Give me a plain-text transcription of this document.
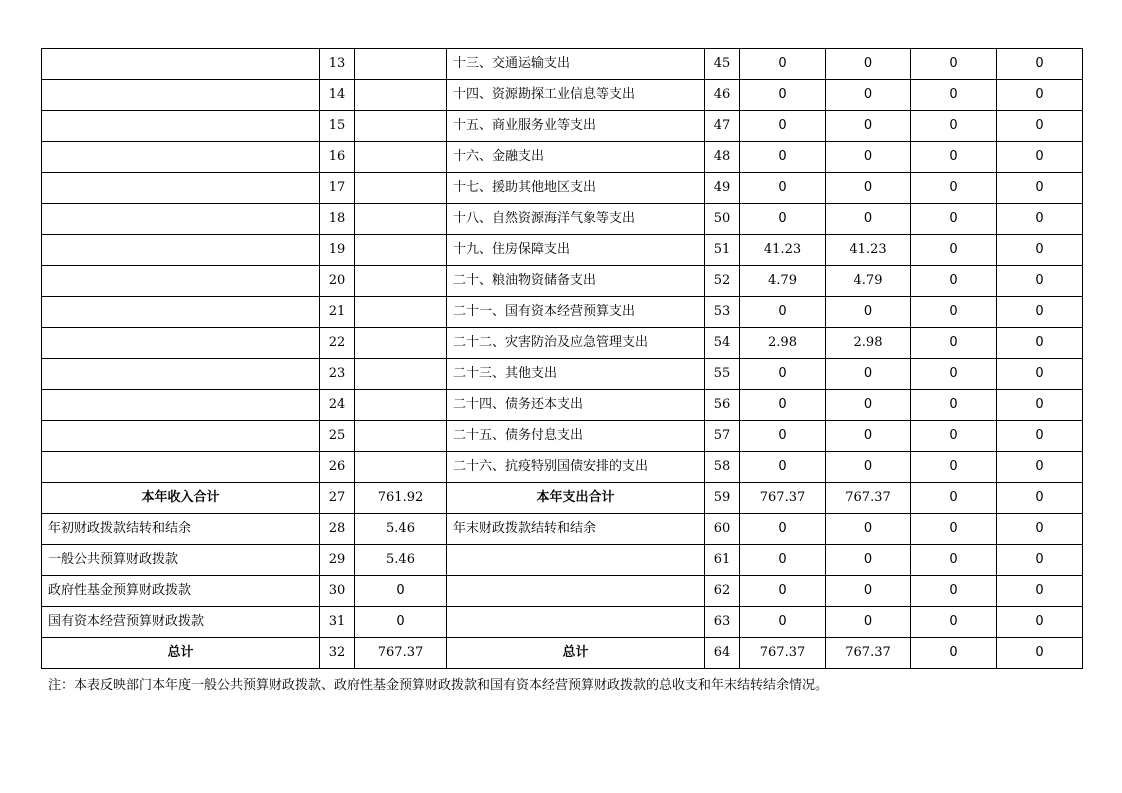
	13		十三、交通运输支出	45	0	0	0	0
	14		十四、资源勘探工业信息等支出	46	0	0	0	0
	15		十五、商业服务业等支出	47	0	0	0	0
	16		十六、金融支出	48	0	0	0	0
	17		十七、援助其他地区支出	49	0	0	0	0
	18		十八、自然资源海洋气象等支出	50	0	0	0	0
	19		十九、住房保障支出	51	41.23	41.23	0	0
	20		二十、粮油物资储备支出	52	4.79	4.79	0	0
	21		二十一、国有资本经营预算支出	53	0	0	0	0
	22		二十二、灾害防治及应急管理支出	54	2.98	2.98	0	0
	23		二十三、其他支出	55	0	0	0	0
	24		二十四、债务还本支出	56	0	0	0	0
	25		二十五、债务付息支出	57	0	0	0	0
	26		二十六、抗疫特别国债安排的支出	58	0	0	0	0
本年收入合计	27	761.92	本年支出合计	59	767.37	767.37	0	0
年初财政拨款结转和结余	28	5.46	年末财政拨款结转和结余	60	0	0	0	0
一般公共预算财政拨款	29	5.46		61	0	0	0	0
政府性基金预算财政拨款	30	0		62	0	0	0	0
国有资本经营预算财政拨款	31	0		63	0	0	0	0
总计	32	767.37	总计	64	767.37	767.37	0	0
注：本表反映部门本年度一般公共预算财政拨款、政府性基金预算财政拨款和国有资本经营预算财政拨款的总收支和年末结转结余情况。
